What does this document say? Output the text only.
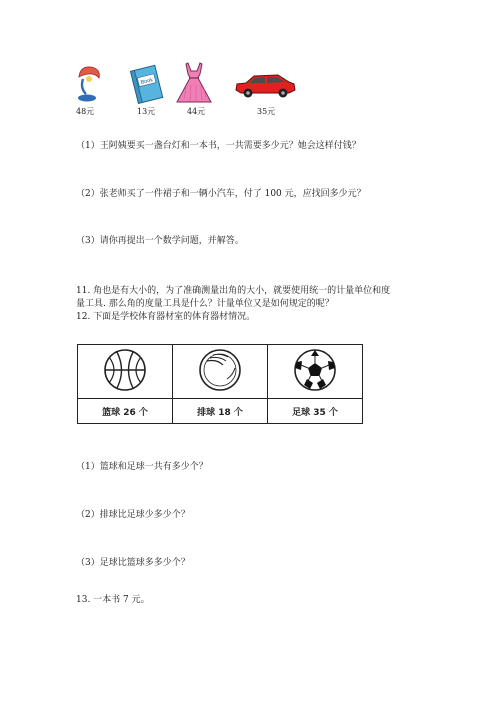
Book
48元	13元	44元	35元
（1）王阿姨要买一盏台灯和一本书，一共需要多少元？她会这样付钱？
（2）张老师买了一件裙子和一辆小汽车，付了 100 元，应找回多少元？
（3）请你再提出一个数学问题，并解答。
11. 角也是有大小的，为了准确测量出角的大小，就要使用统一的计量单位和度
量工具. 那么角的度量工具是什么？计量单位又是如何规定的呢？
12. 下面是学校体育器材室的体育器材情况。

篮球 26 个	排球 18 个	足球 35 个
（1）篮球和足球一共有多少个？
（2）排球比足球少多少个？
（3）足球比篮球多多少个？
13. 一本书 7 元。
